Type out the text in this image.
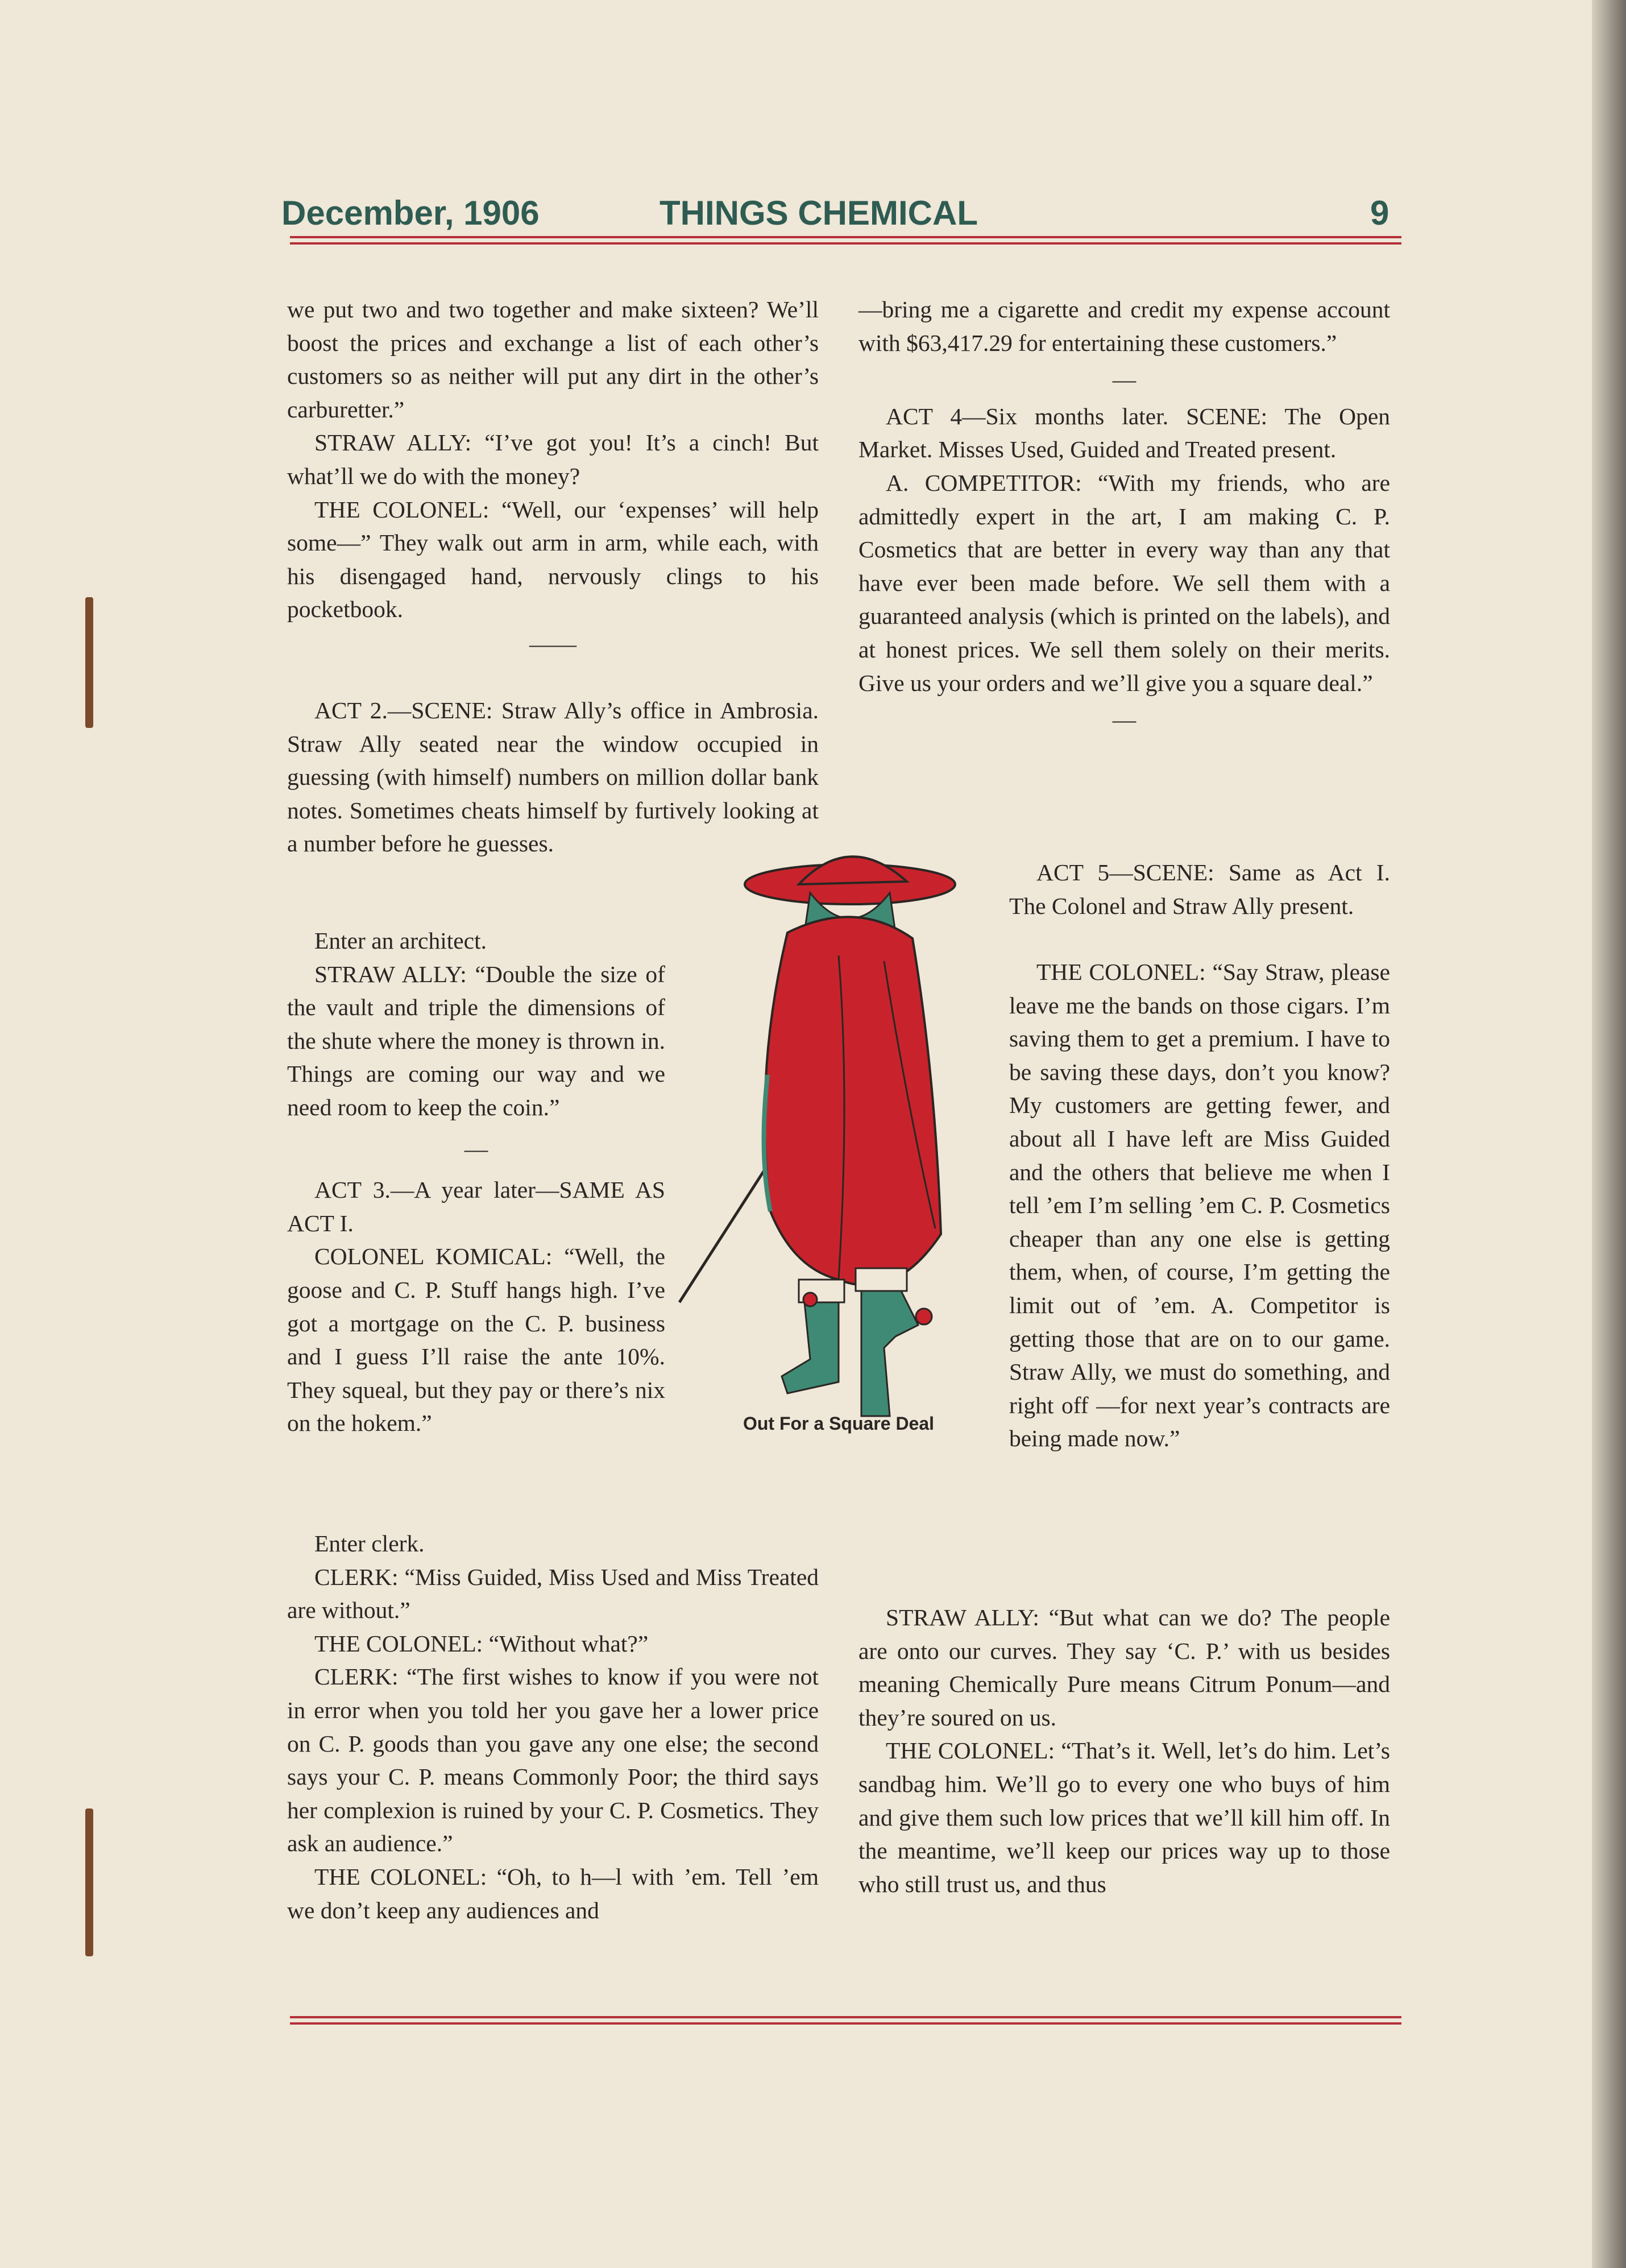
December, 1906	THINGS CHEMICAL	9

we put two and two together and make sixteen? We’ll boost the prices and exchange a list of each other’s customers so as neither will put any dirt in the other’s carburetter.”

STRAW ALLY: “I’ve got you! It’s a cinch! But what’ll we do with the money?

THE COLONEL: “Well, our ‘expenses’ will help some—” They walk out arm in arm, while each, with his disengaged hand, nervously clings to his pocketbook.

——

ACT 2.—SCENE: Straw Ally’s office in Ambrosia. Straw Ally seated near the window occupied in guessing (with himself) numbers on million dollar bank notes. Sometimes cheats himself by furtively looking at a number before he guesses.

Enter an architect.

STRAW ALLY: “Double the size of the vault and triple the dimensions of the shute where the money is thrown in. Things are coming our way and we need room to keep the coin.”

—

ACT 3.—A year later—SAME AS ACT I.

COLONEL KOMICAL: “Well, the goose and C. P. Stuff hangs high. I’ve got a mortgage on the C. P. business and I guess I’ll raise the ante 10%. They squeal, but they pay or there’s nix on the hokem.”

Enter clerk.

CLERK: “Miss Guided, Miss Used and Miss Treated are without.”

THE COLONEL: “Without what?”

CLERK: “The first wishes to know if you were not in error when you told her you gave her a lower price on C. P. goods than you gave any one else; the second says your C. P. means Commonly Poor; the third says her complexion is ruined by your C. P. Cosmetics. They ask an audience.”

THE COLONEL: “Oh, to h—l with ’em. Tell ’em we don’t keep any audiences and

—bring me a cigarette and credit my expense account with $63,417.29 for entertaining these customers.”

—

ACT 4—Six months later. SCENE: The Open Market. Misses Used, Guided and Treated present.

A. COMPETITOR: “With my friends, who are admittedly expert in the art, I am making C. P. Cosmetics that are better in every way than any that have ever been made before. We sell them with a guaranteed analysis (which is printed on the labels), and at honest prices. We sell them solely on their merits. Give us your orders and we’ll give you a square deal.”

—

ACT 5—SCENE: Same as Act I. The Colonel and Straw Ally present.

THE COLONEL: “Say Straw, please leave me the bands on those cigars. I’m saving them to get a premium. I have to be saving these days, don’t you know? My customers are getting fewer, and about all I have left are Miss Guided and the others that believe me when I tell ’em I’m selling ’em C. P. Cosmetics cheaper than any one else is getting them, when, of course, I’m getting the limit out of ’em. A. Competitor is getting those that are on to our game. Straw Ally, we must do something, and right off —for next year’s contracts are being made now.”

STRAW ALLY: “But what can we do? The people are onto our curves. They say ‘C. P.’ with us besides meaning Chemically Pure means Citrum Ponum—and they’re soured on us.

THE COLONEL: “That’s it. Well, let’s do him. Let’s sandbag him. We’ll go to every one who buys of him and give them such low prices that we’ll kill him off. In the meantime, we’ll keep our prices way up to those who still trust us, and thus

Out For a Square Deal
